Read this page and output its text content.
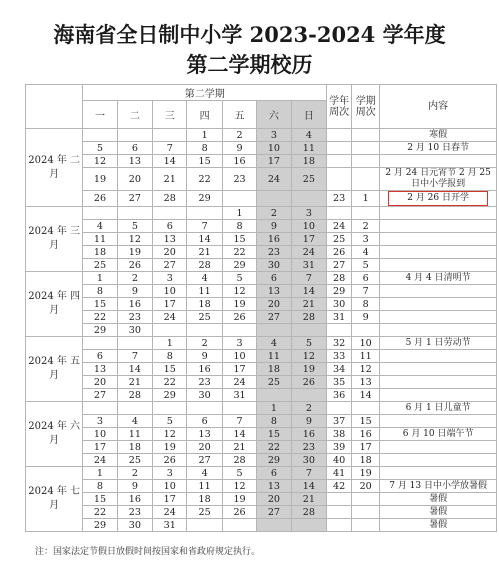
海南省全日制中小学 2023-2024 学年度
第二学期校历
	第二学期							学年周次	学期周次	内容
	一	二	三	四	五	六	日			
2024 年 二月				1	2	3	4			寒假
	5	6	7	8	9	10	11			2 月 10 日春节
	12	13	14	15	16	17	18			
	19	20	21	22	23	24	25			2 月 24 日元宵节 2 月 25 日中小学报到
	26	27	28	29				23	1	2 月 26 日开学
2024 年 三月					1	2	3			
	4	5	6	7	8	9	10	24	2	
	11	12	13	14	15	16	17	25	3	
	18	19	20	21	22	23	24	26	4	
	25	26	27	28	29	30	31	27	5	
2024 年 四月	1	2	3	4	5	6	7	28	6	4 月 4 日清明节
	8	9	10	11	12	13	14	29	7	
	15	16	17	18	19	20	21	30	8	
	22	23	24	25	26	27	28	31	9	
	29	30								
2024 年 五月			1	2	3	4	5	32	10	5 月 1 日劳动节
	6	7	8	9	10	11	12	33	11	
	13	14	15	16	17	18	19	34	12	
	20	21	22	23	24	25	26	35	13	
	27	28	29	30	31			36	14	
2024 年 六月						1	2			6 月 1 日儿童节
	3	4	5	6	7	8	9	37	15	
	10	11	12	13	14	15	16	38	16	6 月 10 日端午节
	17	18	19	20	21	22	23	39	17	
	24	25	26	27	28	29	30	40	18	
2024 年 七月	1	2	3	4	5	6	7	41	19	
	8	9	10	11	12	13	14	42	20	7 月 13 日中小学放暑假
	15	16	17	18	19	20	21			暑假
	22	23	24	25	26	27	28			暑假
	29	30	31							暑假
注：国家法定节假日放假时间按国家和省政府规定执行。
